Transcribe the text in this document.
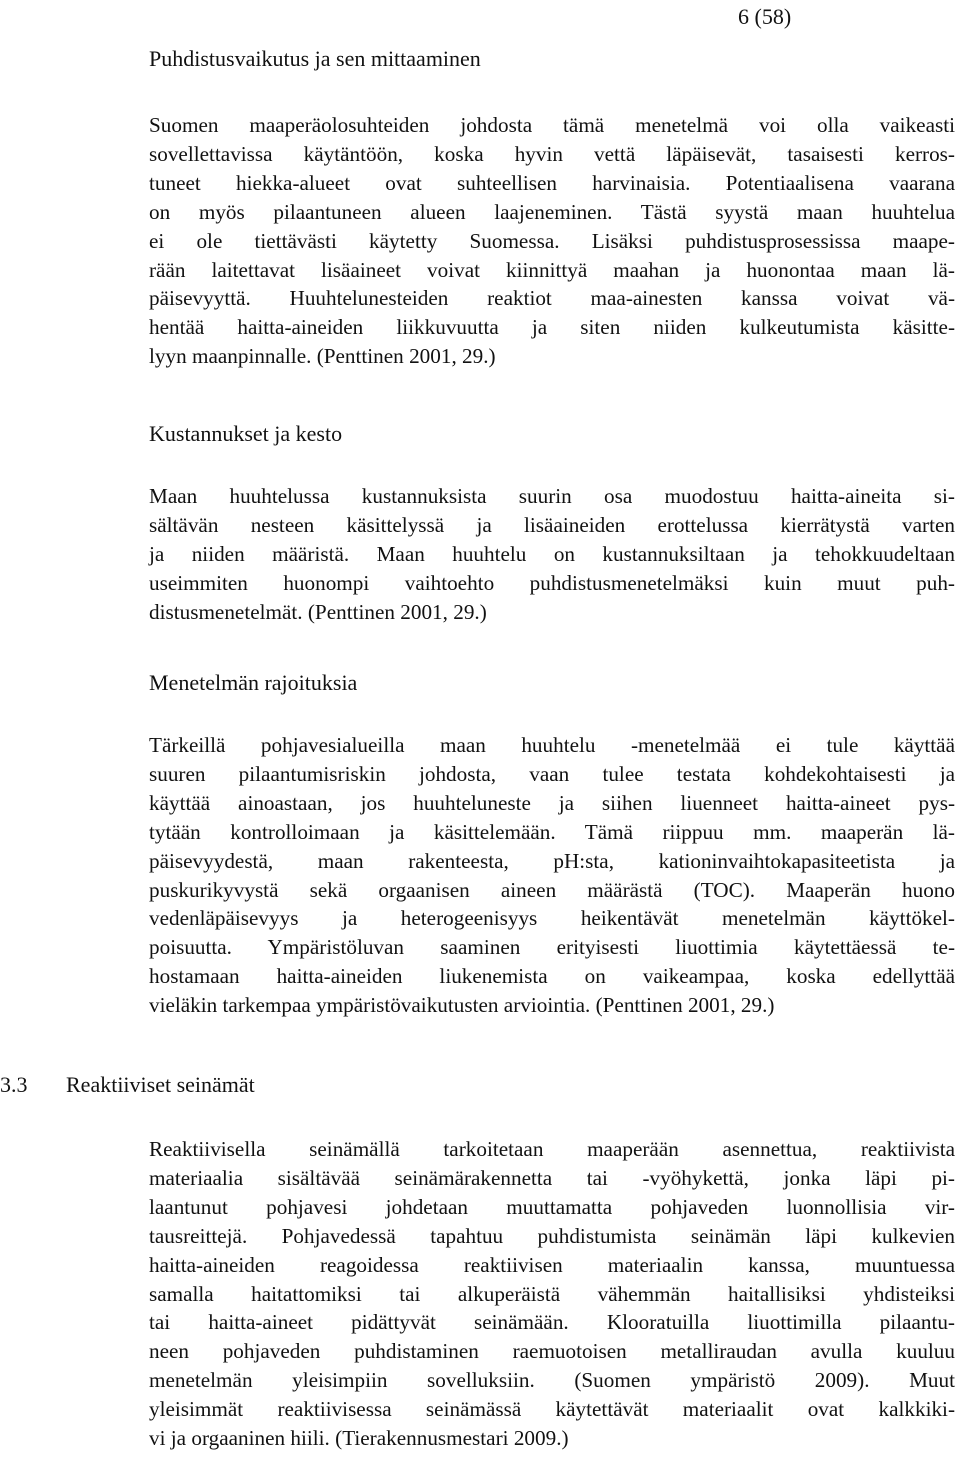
6 (58)
Puhdistusvaikutus ja sen mittaaminen

Suomen maaperäolosuhteiden johdosta tämä menetelmä voi olla vaikeasti
sovellettavissa käytäntöön, koska hyvin vettä läpäisevät, tasaisesti kerros-
tuneet hiekka-alueet ovat suhteellisen harvinaisia. Potentiaalisena vaarana
on myös pilaantuneen alueen laajeneminen. Tästä syystä maan huuhtelua
ei ole tiettävästi käytetty Suomessa. Lisäksi puhdistusprosessissa maape-
rään laitettavat lisäaineet voivat kiinnittyä maahan ja huonontaa maan lä-
päisevyyttä. Huuhtelunesteiden reaktiot maa-ainesten kanssa voivat vä-
hentää haitta-aineiden liikkuvuutta ja siten niiden kulkeutumista käsitte-
lyyn maanpinnalle. (Penttinen 2001, 29.)

Kustannukset ja kesto

Maan huuhtelussa kustannuksista suurin osa muodostuu haitta-aineita si-
sältävän nesteen käsittelyssä ja lisäaineiden erottelussa kierrätystä varten
ja niiden määristä. Maan huuhtelu on kustannuksiltaan ja tehokkuudeltaan
useimmiten huonompi vaihtoehto puhdistusmenetelmäksi kuin muut puh-
distusmenetelmät. (Penttinen 2001, 29.)

Menetelmän rajoituksia

Tärkeillä pohjavesialueilla maan huuhtelu -menetelmää ei tule käyttää
suuren pilaantumisriskin johdosta, vaan tulee testata kohdekohtaisesti ja
käyttää ainoastaan, jos huuhteluneste ja siihen liuenneet haitta-aineet pys-
tytään kontrolloimaan ja käsittelemään. Tämä riippuu mm. maaperän lä-
päisevyydestä, maan rakenteesta, pH:sta, kationinvaihtokapasiteetista ja
puskurikyvystä sekä orgaanisen aineen määrästä (TOC). Maaperän huono
vedenläpäisevyys ja heterogeenisyys heikentävät menetelmän käyttökel-
poisuutta. Ympäristöluvan saaminen erityisesti liuottimia käytettäessä te-
hostamaan haitta-aineiden liukenemista on vaikeampaa, koska edellyttää
vieläkin tarkempaa ympäristövaikutusten arviointia. (Penttinen 2001, 29.)

3.3 Reaktiiviset seinämät

Reaktiivisella seinämällä tarkoitetaan maaperään asennettua, reaktiivista
materiaalia sisältävää seinämärakennetta tai -vyöhykettä, jonka läpi pi-
laantunut pohjavesi johdetaan muuttamatta pohjaveden luonnollisia vir-
tausreittejä. Pohjavedessä tapahtuu puhdistumista seinämän läpi kulkevien
haitta-aineiden reagoidessa reaktiivisen materiaalin kanssa, muuntuessa
samalla haitattomiksi tai alkuperäistä vähemmän haitallisiksi yhdisteiksi
tai haitta-aineet pidättyvät seinämään. Klooratuilla liuottimilla pilaantu-
neen pohjaveden puhdistaminen raemuotoisen metalliraudan avulla kuuluu
menetelmän yleisimpiin sovelluksiin. (Suomen ympäristö 2009). Muut
yleisimmät reaktiivisessa seinämässä käytettävät materiaalit ovat kalkkiki-
vi ja orgaaninen hiili. (Tierakennusmestari 2009.)
